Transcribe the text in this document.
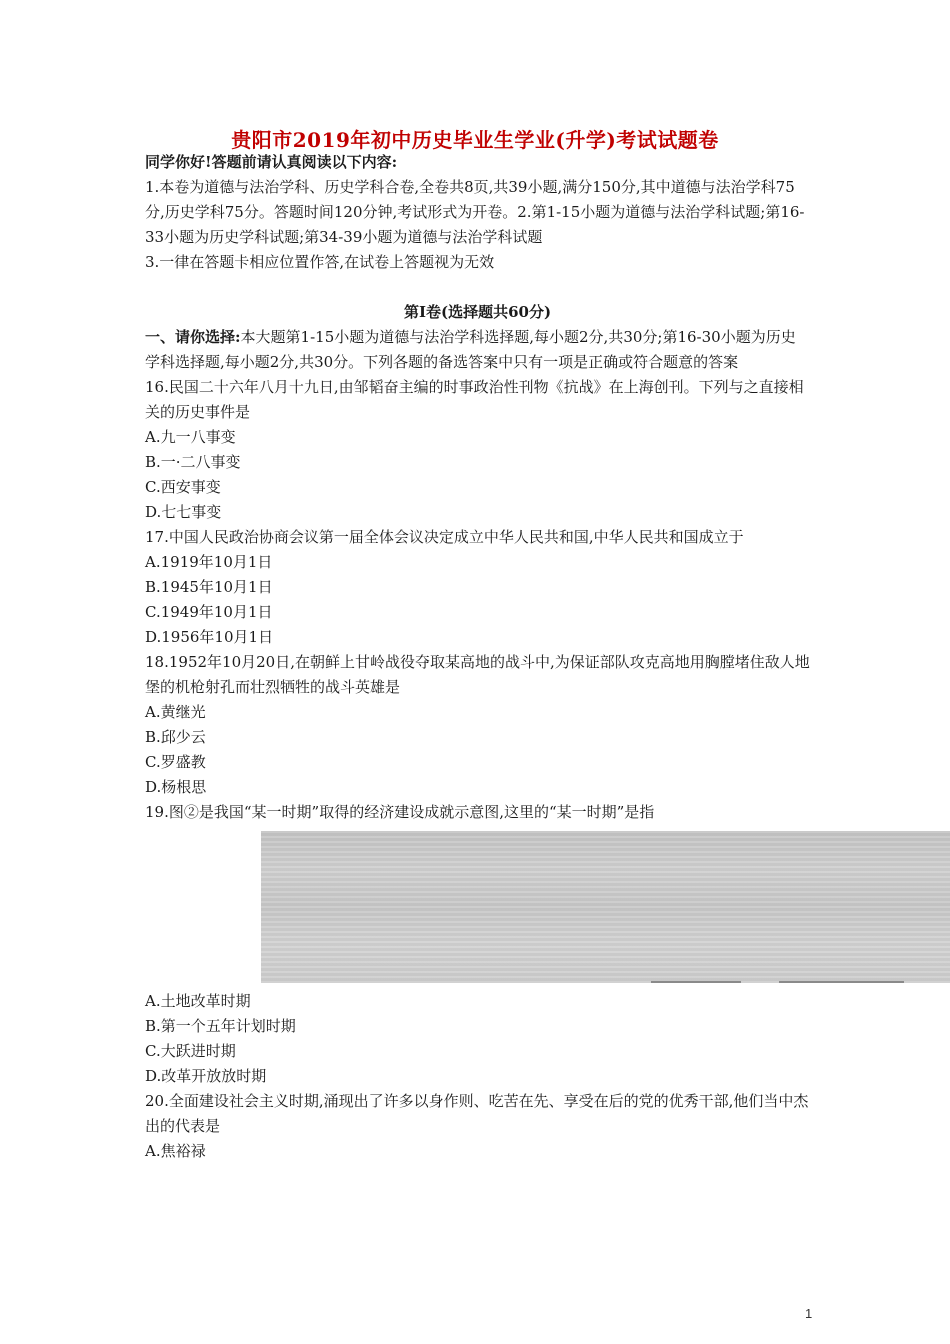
贵阳市2019年初中历史毕业生学业(升学)考试试题卷

同学你好!答题前请认真阅读以下内容:

1.本卷为道德与法治学科、历史学科合卷,全卷共8页,共39小题,满分150分,其中道德与法治学科75分,历史学科75分。答题时间120分钟,考试形式为开卷。2.第1-15小题为道德与法治学科试题;第16-33小题为历史学科试题;第34-39小题为道德与法治学科试题

3.一律在答题卡相应位置作答,在试卷上答题视为无效

第Ⅰ卷(选择题共60分)

一、请你选择:本大题第1-15小题为道德与法治学科选择题,每小题2分,共30分;第16-30小题为历史学科选择题,每小题2分,共30分。下列各题的备选答案中只有一项是正确或符合题意的答案

16.民国二十六年八月十九日,由邹韬奋主编的时事政治性刊物《抗战》在上海创刊。下列与之直接相关的历史事件是

A.九一八事变

B.一·二八事变

C.西安事变

D.七七事变

17.中国人民政治协商会议第一届全体会议决定成立中华人民共和国,中华人民共和国成立于

A.1919年10月1日

B.1945年10月1日

C.1949年10月1日

D.1956年10月1日

18.1952年10月20日,在朝鲜上甘岭战役夺取某高地的战斗中,为保证部队攻克高地用胸膛堵住敌人地堡的机枪射孔而壮烈牺牲的战斗英雄是

A.黄继光

B.邱少云

C.罗盛教

D.杨根思

19.图②是我国“某一时期”取得的经济建设成就示意图,这里的“某一时期”是指

A.土地改革时期

B.第一个五年计划时期

C.大跃进时期

D.改革开放放时期

20.全面建设社会主义时期,涌现出了许多以身作则、吃苦在先、享受在后的党的优秀干部,他们当中杰出的代表是

A.焦裕禄

1
